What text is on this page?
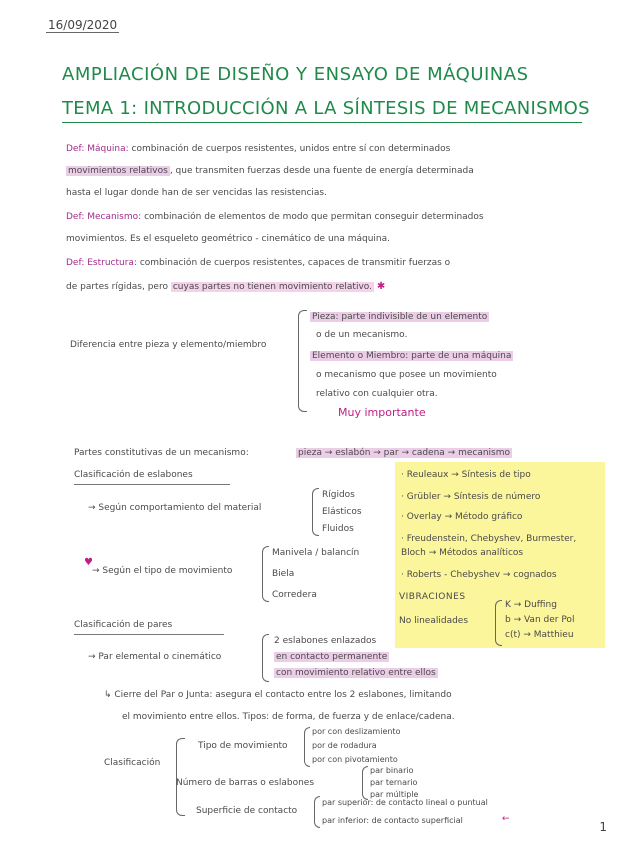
16/09/2020
AMPLIACIÓN DE DISEÑO Y ENSAYO DE MÁQUINAS
TEMA 1: INTRODUCCIÓN A LA SÍNTESIS DE MECANISMOS
Def: Máquina: combinación de cuerpos resistentes, unidos entre sí con determinados
movimientos relativos , que transmiten fuerzas desde una fuente de energía determinada
hasta el lugar donde han de ser vencidas las resistencias.
Def: Mecanismo: combinación de elementos de modo que permitan conseguir determinados
movimientos. Es el esqueleto geométrico - cinemático de una máquina.
Def: Estructura: combinación de cuerpos resistentes, capaces de transmitir fuerzas o
de partes rígidas, pero cuyas partes no tienen movimiento relativo. ✱
Diferencia entre pieza y elemento/miembro
Pieza: parte indivisible de un elemento
o de un mecanismo.
Elemento o Miembro: parte de una máquina
o mecanismo que posee un movimiento
relativo con cualquier otra.
Muy importante
Partes constitutivas de un mecanismo:	pieza → eslabón → par → cadena → mecanismo
Clasificación de eslabones
→ Según comportamiento del material
Rígidos
Elásticos
Fluidos
♥
→ Según el tipo de movimiento
Manivela / balancín
Biela
Corredera
· Reuleaux → Síntesis de tipo
· Grübler → Síntesis de número
· Overlay → Método gráfico
· Freudenstein, Chebyshev, Burmester,
Bloch → Métodos analíticos
· Roberts - Chebyshev → cognados
VIBRACIONES
No linealidades
K → Duffing
b → Van der Pol
c(t) → Matthieu
Clasificación de pares
→ Par elemental o cinemático
2 eslabones enlazados
en contacto permanente
con movimiento relativo entre ellos
↳ Cierre del Par o Junta: asegura el contacto entre los 2 eslabones, limitando
el movimiento entre ellos. Tipos: de forma, de fuerza y de enlace/cadena.
Clasificación
Tipo de movimiento
por con deslizamiento
por de rodadura
por con pivotamiento
Número de barras o eslabones
par binario
par ternario
par múltiple
Superficie de contacto
par superior: de contacto lineal o puntual
par inferior: de contacto superficial	←
1
